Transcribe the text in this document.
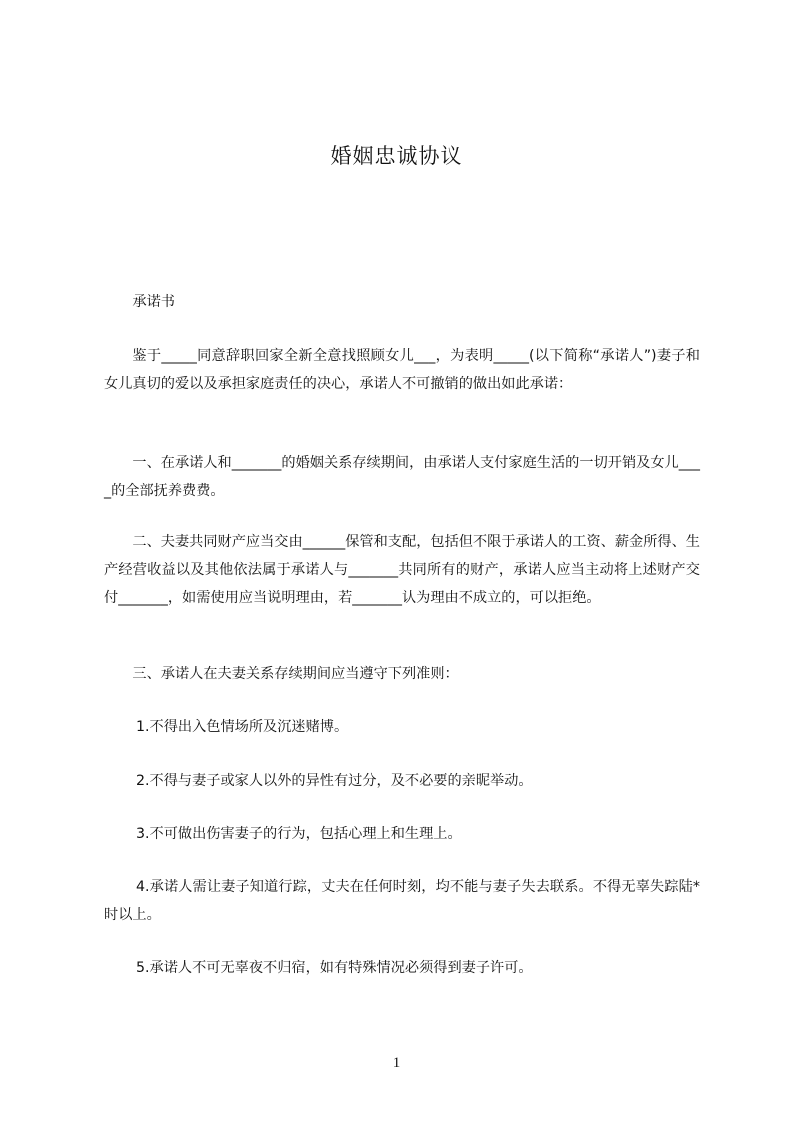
婚姻忠诚协议

承诺书

鉴于_____同意辞职回家全新全意找照顾女儿___，为表明_____(以下简称“承诺人”)妻子和女儿真切的爱以及承担家庭责任的决心，承诺人不可撤销的做出如此承诺：

一、在承诺人和_______的婚姻关系存续期间，由承诺人支付家庭生活的一切开销及女儿____的全部抚养费费。

二、夫妻共同财产应当交由______保管和支配，包括但不限于承诺人的工资、薪金所得、生产经营收益以及其他依法属于承诺人与_______共同所有的财产，承诺人应当主动将上述财产交付_______，如需使用应当说明理由，若_______认为理由不成立的，可以拒绝。

三、承诺人在夫妻关系存续期间应当遵守下列准则：

1.不得出入色情场所及沉迷赌博。

2.不得与妻子或家人以外的异性有过分，及不必要的亲昵举动。

3.不可做出伤害妻子的行为，包括心理上和生理上。

4.承诺人需让妻子知道行踪，丈夫在任何时刻，均不能与妻子失去联系。不得无辜失踪陆*时以上。

5.承诺人不可无辜夜不归宿，如有特殊情况必须得到妻子许可。

1
